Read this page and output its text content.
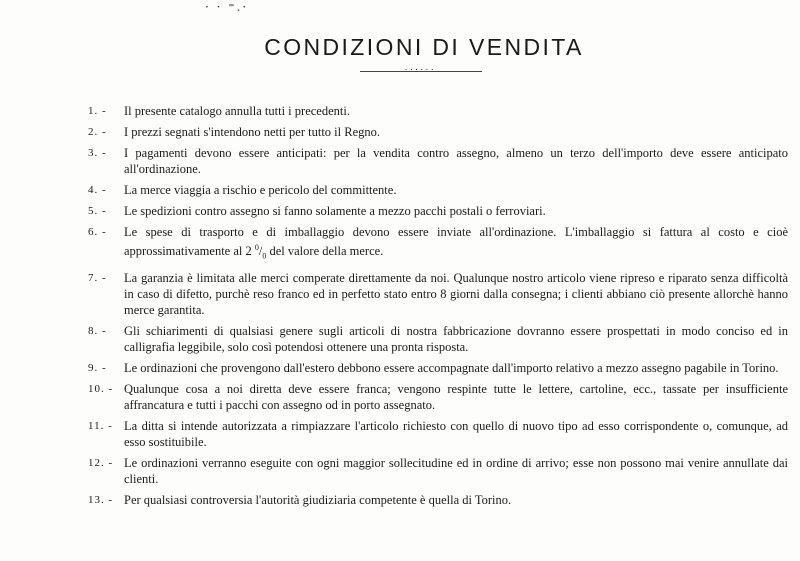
· · ⁼.·
CONDIZIONI DI VENDITA
······
1. -	Il presente catalogo annulla tutti i precedenti.
2. -	I prezzi segnati s'intendono netti per tutto il Regno.
3. -	I pagamenti devono essere anticipati: per la vendita contro assegno, almeno un terzo dell'importo deve essere anticipato all'ordinazione.
4. -	La merce viaggia a rischio e pericolo del committente.
5. -	Le spedizioni contro assegno si fanno solamente a mezzo pacchi postali o ferroviari.
6. -	Le spese di trasporto e di imballaggio devono essere inviate all'ordinazione. L'imballaggio si fattura al costo e cioè approssimativamente al 2 $^0/_0$ del valore della merce.
7. -	La garanzia è limitata alle merci comperate direttamente da noi. Qualunque nostro articolo viene ripreso e riparato senza difficoltà in caso di difetto, purchè reso franco ed in perfetto stato entro 8 giorni dalla consegna; i clienti abbiano ciò presente allorchè hanno merce garantita.
8. -	Gli schiarimenti di qualsiasi genere sugli articoli di nostra fabbricazione dovranno essere prospettati in modo conciso ed in calligrafia leggibile, solo così potendosi ottenere una pronta risposta.
9. -	Le ordinazioni che provengono dall'estero debbono essere accompagnate dall'importo relativo a mezzo assegno pagabile in Torino.
10. - Qualunque cosa a noi diretta deve essere franca; vengono respinte tutte le lettere, cartoline, ecc., tassate per insufficiente affrancatura e tutti i pacchi con assegno od in porto assegnato.
11. - La ditta si intende autorizzata a rimpiazzare l'articolo richiesto con quello di nuovo tipo ad esso corrispondente o, comunque, ad esso sostituibile.
12. - Le ordinazioni verranno eseguite con ogni maggior sollecitudine ed in ordine di arrivo; esse non possono mai venire annullate dai clienti.
13. - Per qualsiasi controversia l'autorità giudiziaria competente è quella di Torino.
